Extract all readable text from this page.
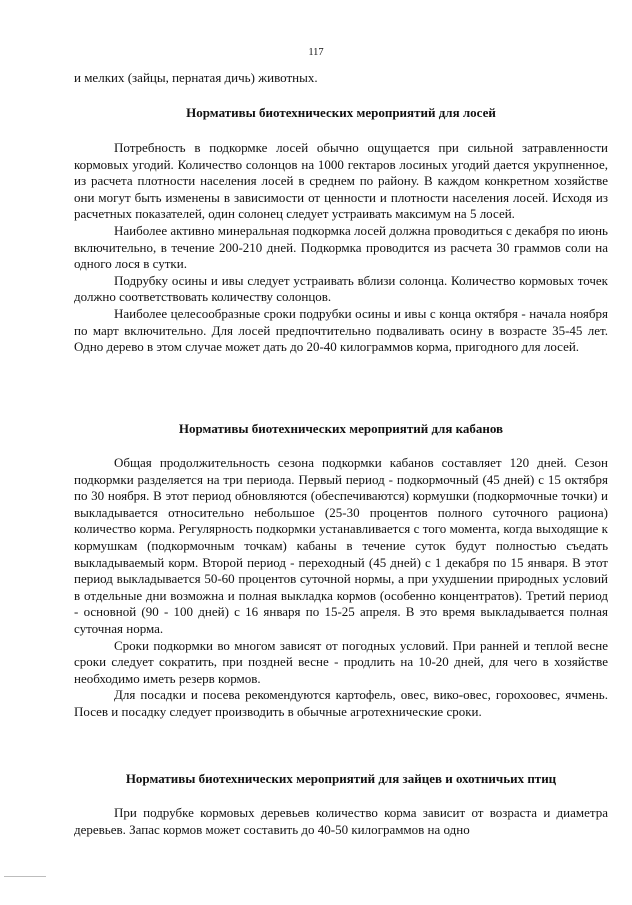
117

и мелких (зайцы, пернатая дичь) животных.

Нормативы биотехнических мероприятий для лосей

Потребность в подкормке лосей обычно ощущается при сильной затравленности кормовых угодий. Количество солонцов на 1000 гектаров лосиных угодий дается укрупненное, из расчета плотности населения лосей в среднем по району. В каждом конкретном хозяйстве они могут быть изменены в зависимости от ценности и плотности населения лосей. Исходя из расчетных показателей, один солонец следует устраивать максимум на 5 лосей.

Наиболее активно минеральная подкормка лосей должна проводиться с декабря по июнь включительно, в течение 200-210 дней. Подкормка проводится из расчета 30 граммов соли на одного лося в сутки.

Подрубку осины и ивы следует устраивать вблизи солонца. Количество кормовых точек должно соответствовать количеству солонцов.

Наиболее целесообразные сроки подрубки осины и ивы с конца октября - начала ноября по март включительно. Для лосей предпочтительно подваливать осину в возрасте 35-45 лет. Одно дерево в этом случае может дать до 20-40 килограммов корма, пригодного для лосей.

Нормативы биотехнических мероприятий для кабанов

Общая продолжительность сезона подкормки кабанов составляет 120 дней. Сезон подкормки разделяется на три периода. Первый период - подкормочный (45 дней) с 15 октября по 30 ноября. В этот период обновляются (обеспечиваются) кормушки (подкормочные точки) и выкладывается относительно небольшое (25-30 процентов полного суточного рациона) количество корма. Регулярность подкормки устанавливается с того момента, когда выходящие к кормушкам (подкормочным точкам) кабаны в течение суток будут полностью съедать выкладываемый корм. Второй период - переходный (45 дней) с 1 декабря по 15 января. В этот период выкладывается 50-60 процентов суточной нормы, а при ухудшении природных условий в отдельные дни возможна и полная выкладка кормов (особенно концентратов). Третий период - основной (90 - 100 дней) с 16 января по 15-25 апреля. В это время выкладывается полная суточная норма.

Сроки подкормки во многом зависят от погодных условий. При ранней и теплой весне сроки следует сократить, при поздней весне - продлить на 10-20 дней, для чего в хозяйстве необходимо иметь резерв кормов.

Для посадки и посева рекомендуются картофель, овес, вико-овес, горохоовес, ячмень. Посев и посадку следует производить в обычные агротехнические сроки.

Нормативы биотехнических мероприятий для зайцев и охотничьих птиц

При подрубке кормовых деревьев количество корма зависит от возраста и диаметра деревьев. Запас кормов может составить до 40-50 килограммов на одно
